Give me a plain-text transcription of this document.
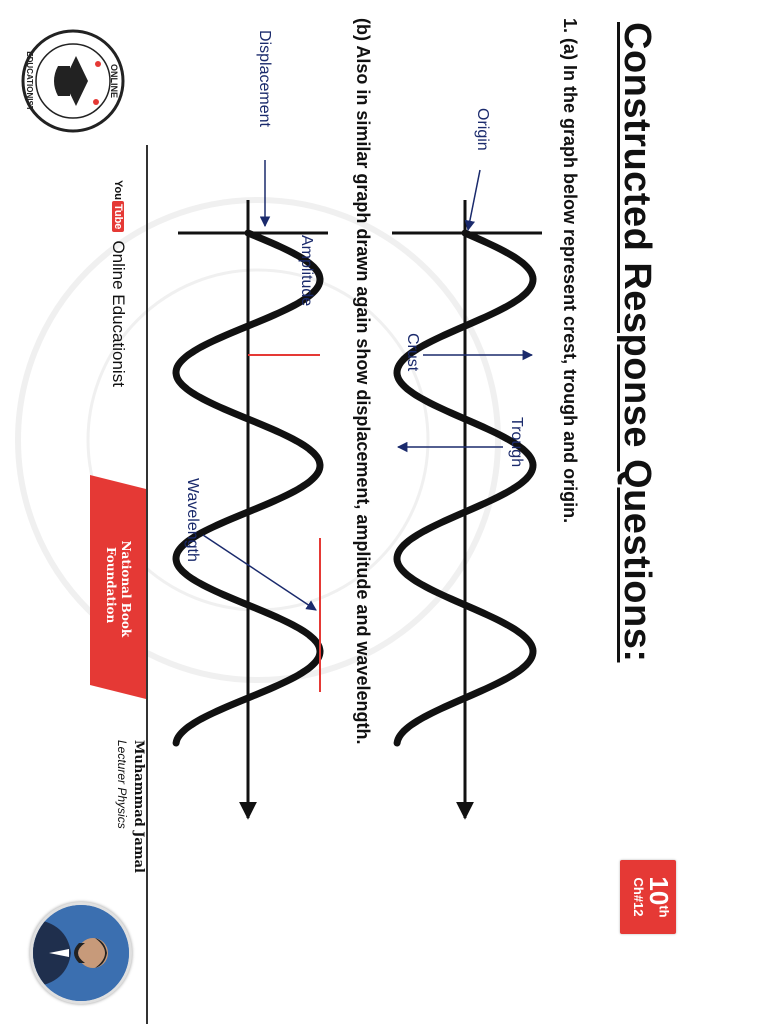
Constructed Response Questions:
10th
Ch#12
1. (a) In the graph below represent crest, trough and origin.
(b) Also in similar graph drawn again show displacement, amplitude and wavelength.	Origin
Crust
Trough
Displacement
Amplitude
Wavelength
ONLINE
EDUCATIONIST
You
Tube
Online Educationist
National Book
Foundation
Muhammad Jamal
Lecturer Physics
